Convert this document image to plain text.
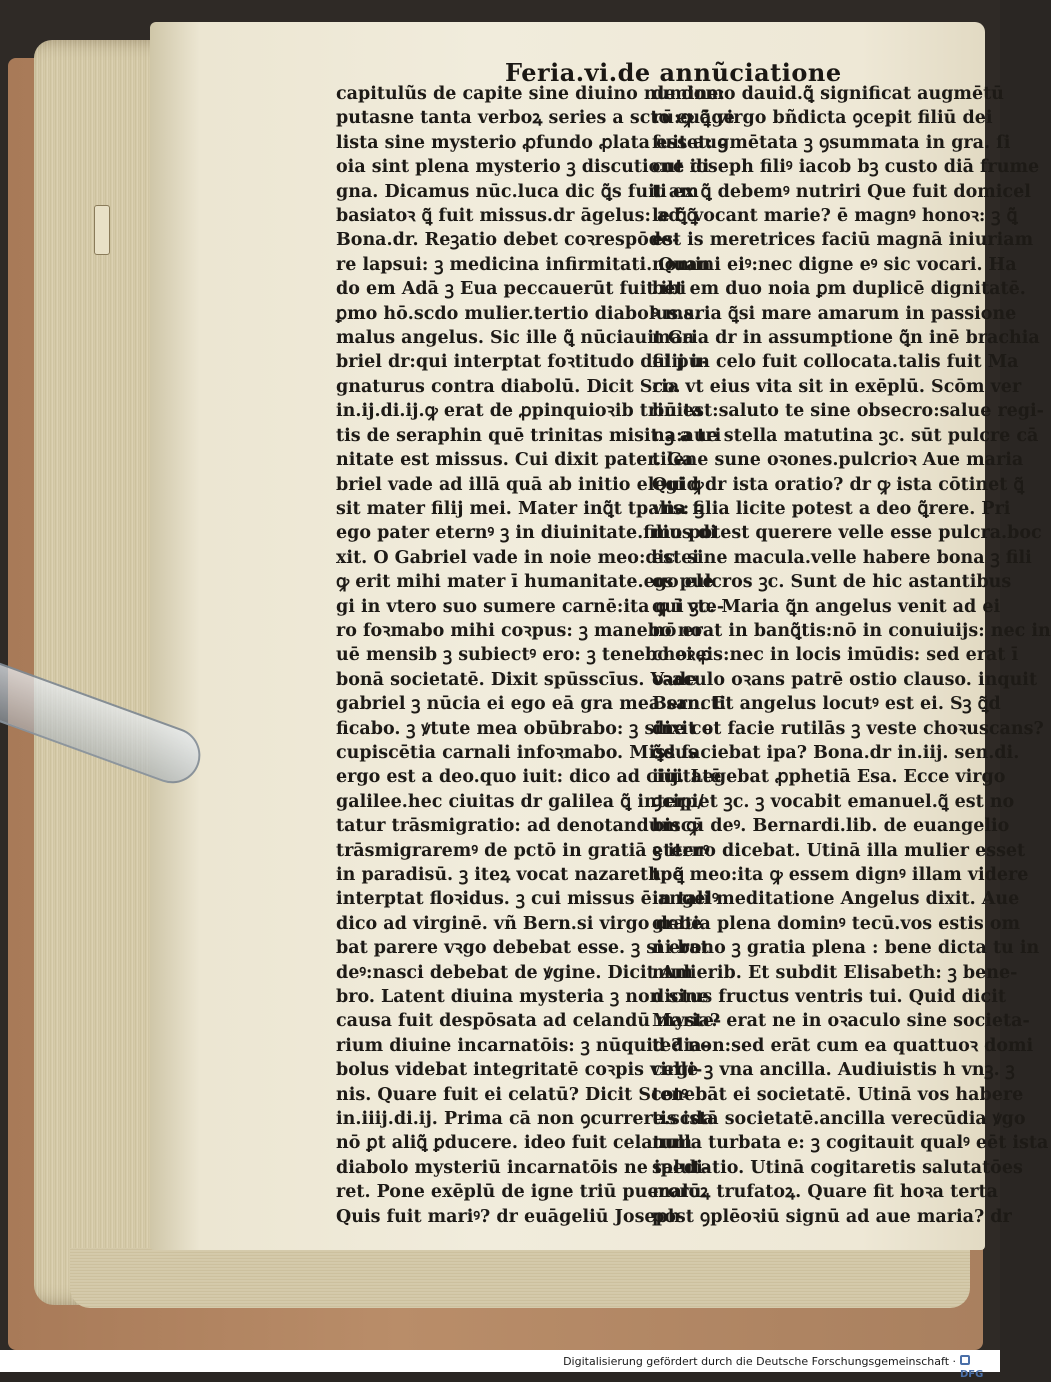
Feria.vi.de annũciatione
capitulũs de capite sine diuino numine:
putasne tanta verboꝝ series a scto euāge
lista sine mysterio ꝓfundo ꝓlata esset: ꝫ
oia sint plena mysterio ꝫ discutione di-
gna. Dicamus nūc.luca dic ꝗ̃s fuit am
basiatoꝛ ꝗ̃ fuit missus.dr āgelus: ad ꝗ̃
Bona.dr. Reꝫatio debet coꝛrespōde-
re lapsui: ꝫ medicina infirmitati. Quan
do em Adā ꝫ Eua peccauerūt fuit ibi
ꝑmo hō.scdo mulier.tertio diabolus.s.
malus angelus. Sic ille ꝗ̃ nūciauit Ga
briel dr:qui interptat foꝛtitudo dei pu-
gnaturus contra diabolū. Dicit Sco.
in.ij.di.ij.ꝙ erat de ꝓpinquioꝛib trinita
tis de seraphin quē trinitas misit ꝫ a tri
nitate est missus. Cui dixit pater. Ga
briel vade ad illā quā ab initio elegi ꝙ
sit mater filij mei. Mater inꝗ̃t tpalis: ꝫ
ego pater eternꝰ ꝫ in diuinitate.filius di
xit. O Gabriel vade in noie meo:dic ei
ꝙ erit mihi mater ī humanitate.ego ele
gi in vtero suo sumere carnē:ita ꝙ ī vte-
ro foꝛmabo mihi coꝛpus: ꝫ manebo no
uē mensib ꝫ subiectꝰ ero: ꝫ tenebo ei ꝓ
bonā societatē. Dixit spūsscīus. Vade
gabriel ꝫ nūcia ei ego eā gra mea sancti
ficabo. ꝫ ꝟtute mea obūbrabo: ꝫ sine co
cupiscētia carnali infoꝛmabo. Missus
ergo est a deo.quo iuit: dico ad ciuitatē
galilee.hec ciuitas dr galilea ꝗ̃ interp/
tatur trāsmigratio: ad denotandum ꝙ
trāsmigraremꝰ de pctō in gratiā ꝫ iterꝰ
in paradisū. ꝫ iteꝝ vocat nazareth: ꝗ̃
interptat floꝛidus. ꝫ cui missus ē angelꝰ
dico ad virginē. vñ Bern.si virgo debe
bat parere vꝛgo debebat esse. ꝫ si erat
deꝰ:nasci debebat de ꝟgine. Dicit Am
bro. Latent diuina mysteria ꝫ non sine
causa fuit despōsata ad celandū myste-
rium diuine incarnatōis: ꝫ nūquid dia-
bolus videbat integritatē coꝛpis virgi-
nis. Quare fuit ei celatū? Dicit Scotꝰ
in.iiij.di.ij. Prima cā non ꝯcurrere.scda
nō ꝑt aliꝗ̃ ꝑducere. ideo fuit celatum
diabolo mysteriū incarnatōis ne ipedi-
ret. Pone exēplū de igne triū puerorū.
Quis fuit mariꝰ? dr euāgeliū Joseph
de domo dauid.ꝗ̃ significat augmētū
rū:ꝙ ꝗ̃ virgo bñdicta ꝯcepit filiū dei
fuit augmētata ꝫ ꝯsummata in gra. ſi
cut ioseph filiꝰ iacob bꝫ custo diā frume
ti ex ꝗ̃ debemꝰ nutriri Que fuit domicel
le ꝗ̃ vocant marie? ē magnꝰ honoꝛ: ꝫ ꝗ̃
est is meretrices faciū magnā iniuriam
nomini eiꝰ:nec digne eꝰ sic vocari. Ha
bet em duo noia ꝑm duplicē dignitatē.
ꝰ maria ꝗ̃si mare amarum in passione
maria dr in assumptione ꝗ̃n inē brachia
filij in celo fuit collocata.talis fuit Ma
ria vt eius vita sit in exēplū. Scōm ver
bū est:saluto te sine obsecro:salue regi-
na:aue stella matutina ꝫc. sūt pulcre cā
tilene sune oꝛones.pulcrioꝛ Aue maria
Quid dr ista oratio? dr ꝙ ista cōtinet ꝗ̃
vna filia licite potest a deo ꝗ̃rere. Pri
mo potest querere velle esse pulcra.boc
est sine macula.velle habere bona ꝫ fili
os pulcros ꝫc. Sunt de hic astantibus
qui ꝫc. Maria ꝗ̃n angelus venit ad ei
nō erat in banꝗ̃tis:nō in conuiuijs: nec in
choꝛeis:nec in locis imūdis: sed erat ī
oꝛaculo oꝛans patrē ostio clauso. inquit
Bern. Et angelus locutꝰ est ei. Sꝫ ꝗ̃d
dixit et facie rutilās ꝫ veste choꝛuscans?
ꝗ̃d faciebat ipa? Bona.dr in.iij. sen.di.
iiij. Legebat ꝓphetiā Esa. Ecce virgo
ꝯcipiet ꝫc. ꝫ vocabit emanuel.ꝗ̃ est no
biscū deꝰ. Bernardi.lib. de euangelio
eterno dicebat. Utinā illa mulier esset
tpe meo:ita ꝙ essem dignꝰ illam videre
in tali meditatione Angelus dixit. Aue
gratia plena dominꝰ tecū.vos estis om
ni bono ꝫ gratia plena : bene dicta tu in
mulierib. Et subdit Elisabeth: ꝫ bene-
dictus fructus ventris tui. Quid dicit
Maria? erat ne in oꝛaculo sine societa-
te? non:sed erāt cum ea quattuoꝛ domi
celle ꝫ vna ancilla. Audiuistis h vnꝫ. ꝫ
tenebāt ei societatē. Utinā vos habere
tis istā societatē.ancilla verecūdia ꝟgo
nulla turbata e: ꝫ cogitauit qualꝰ eēt ista
salutatio. Utinā cogitaretis salutatōes
maloꝝ trufatoꝝ. Quare fit hoꝛa terta
post ꝯplēoꝛiū signū ad aue maria? dr
Digitalisierung gefördert durch die Deutsche Forschungsgemeinschaft ·
DFG
